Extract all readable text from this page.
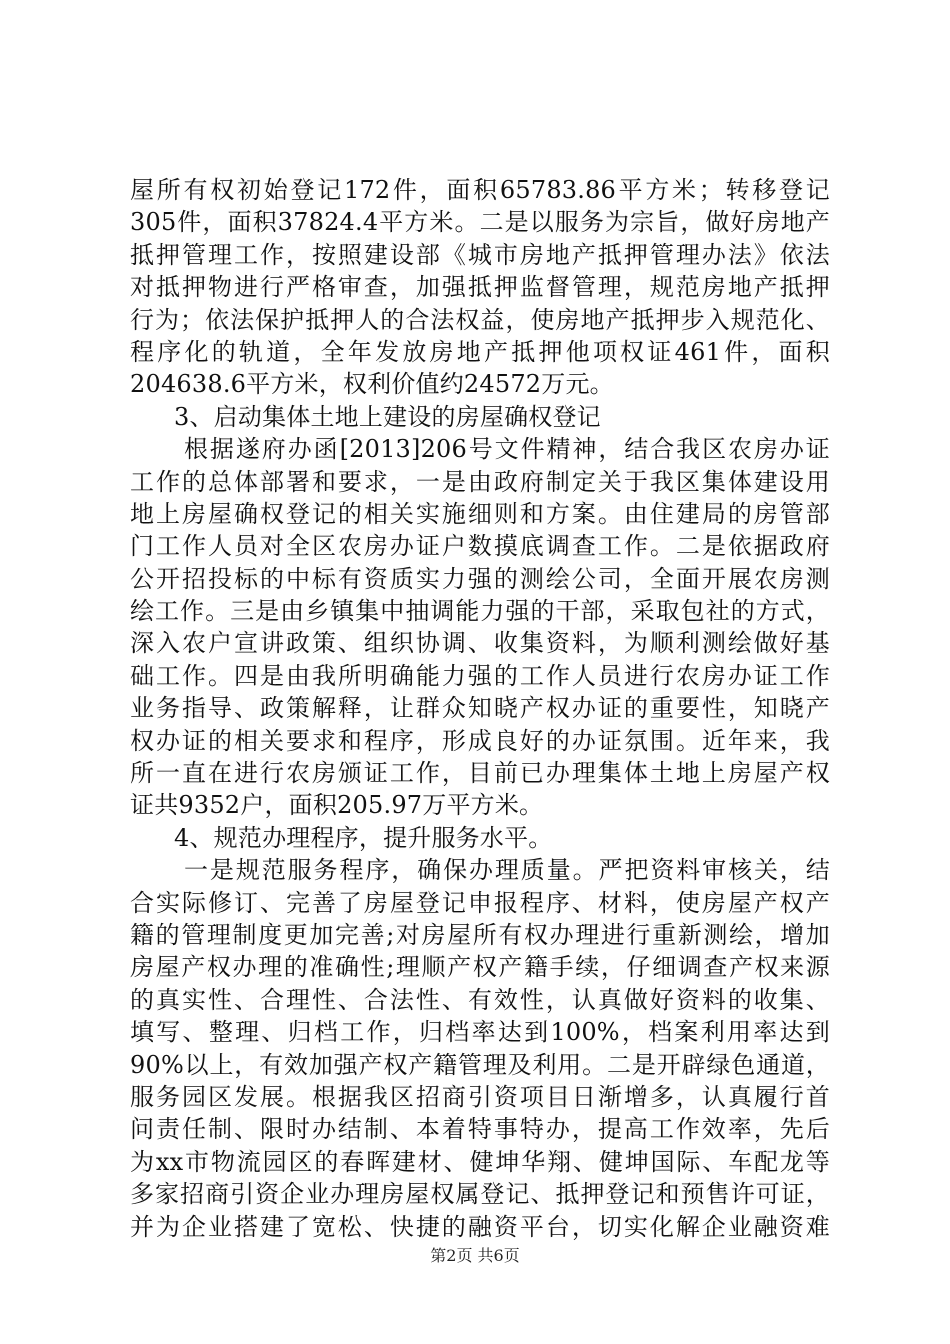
屋所有权初始登记172件，面积65783.86平方米；转移登记
305件，面积37824.4平方米。二是以服务为宗旨，做好房地产
抵押管理工作，按照建设部《城市房地产抵押管理办法》依法
对抵押物进行严格审查，加强抵押监督管理，规范房地产抵押
行为；依法保护抵押人的合法权益，使房地产抵押步入规范化、
程序化的轨道，全年发放房地产抵押他项权证461件，面积
204638.6平方米，权利价值约24572万元。
3、启动集体土地上建设的房屋确权登记
根据遂府办函[2013]206号文件精神，结合我区农房办证
工作的总体部署和要求，一是由政府制定关于我区集体建设用
地上房屋确权登记的相关实施细则和方案。由住建局的房管部
门工作人员对全区农房办证户数摸底调查工作。二是依据政府
公开招投标的中标有资质实力强的测绘公司，全面开展农房测
绘工作。三是由乡镇集中抽调能力强的干部，采取包社的方式，
深入农户宣讲政策、组织协调、收集资料，为顺利测绘做好基
础工作。四是由我所明确能力强的工作人员进行农房办证工作
业务指导、政策解释，让群众知晓产权办证的重要性，知晓产
权办证的相关要求和程序，形成良好的办证氛围。近年来，我
所一直在进行农房颁证工作，目前已办理集体土地上房屋产权
证共9352户，面积205.97万平方米。
4、规范办理程序，提升服务水平。
一是规范服务程序，确保办理质量。严把资料审核关，结
合实际修订、完善了房屋登记申报程序、材料，使房屋产权产
籍的管理制度更加完善;对房屋所有权办理进行重新测绘，增加
房屋产权办理的准确性;理顺产权产籍手续，仔细调查产权来源
的真实性、合理性、合法性、有效性，认真做好资料的收集、
填写、整理、归档工作，归档率达到100%，档案利用率达到
90%以上，有效加强产权产籍管理及利用。二是开辟绿色通道，
服务园区发展。根据我区招商引资项目日渐增多，认真履行首
问责任制、限时办结制、本着特事特办，提高工作效率，先后
为xx市物流园区的春晖建材、健坤华翔、健坤国际、车配龙等
多家招商引资企业办理房屋权属登记、抵押登记和预售许可证，
并为企业搭建了宽松、快捷的融资平台，切实化解企业融资难
第2页 共6页
